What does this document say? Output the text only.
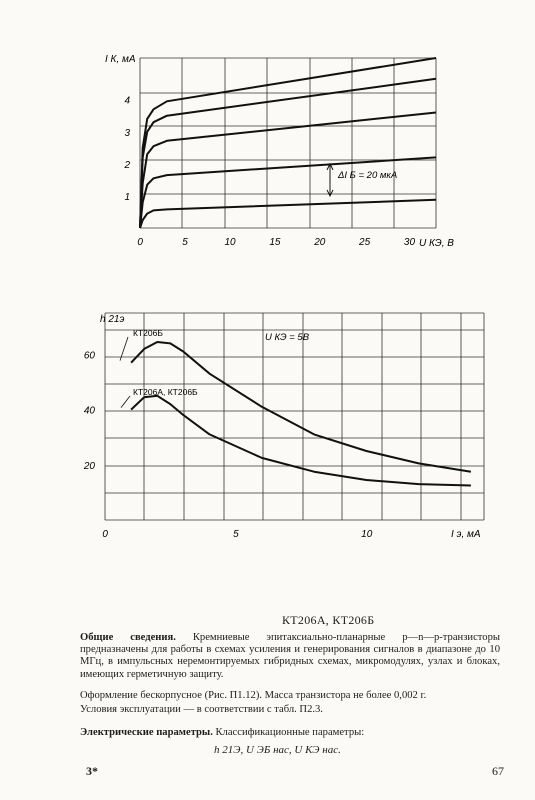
0	5	10	15	20	25	30
1
2
3
4
I К, мА
U КЭ, В
ΔI Б = 20 мкА
0	5	10
20
40
60
h 21э
I э, мА
U КЭ = 5В
КТ206Б
КТ206А, КТ206Б
КТ206А, КТ206Б
Общие сведения. Кремниевые эпитаксиально-планарные р—n—р-транзисторы предназначены для работы в схемах усиления и генерирования сигналов в диапазоне до 10 МГц, в импульсных неремонтируемых гибридных схемах, микромодулях, узлах и блоках, имеющих герметичную защиту.
Оформление бескорпусное (Рис. П1.12). Масса транзистора не более 0,002 г.
Условия эксплуатации — в соответствии с табл. П2.3.
Электрические параметры. Классификационные параметры:
h 21Э, U ЭБ нас, U КЭ нас.
3*	67
